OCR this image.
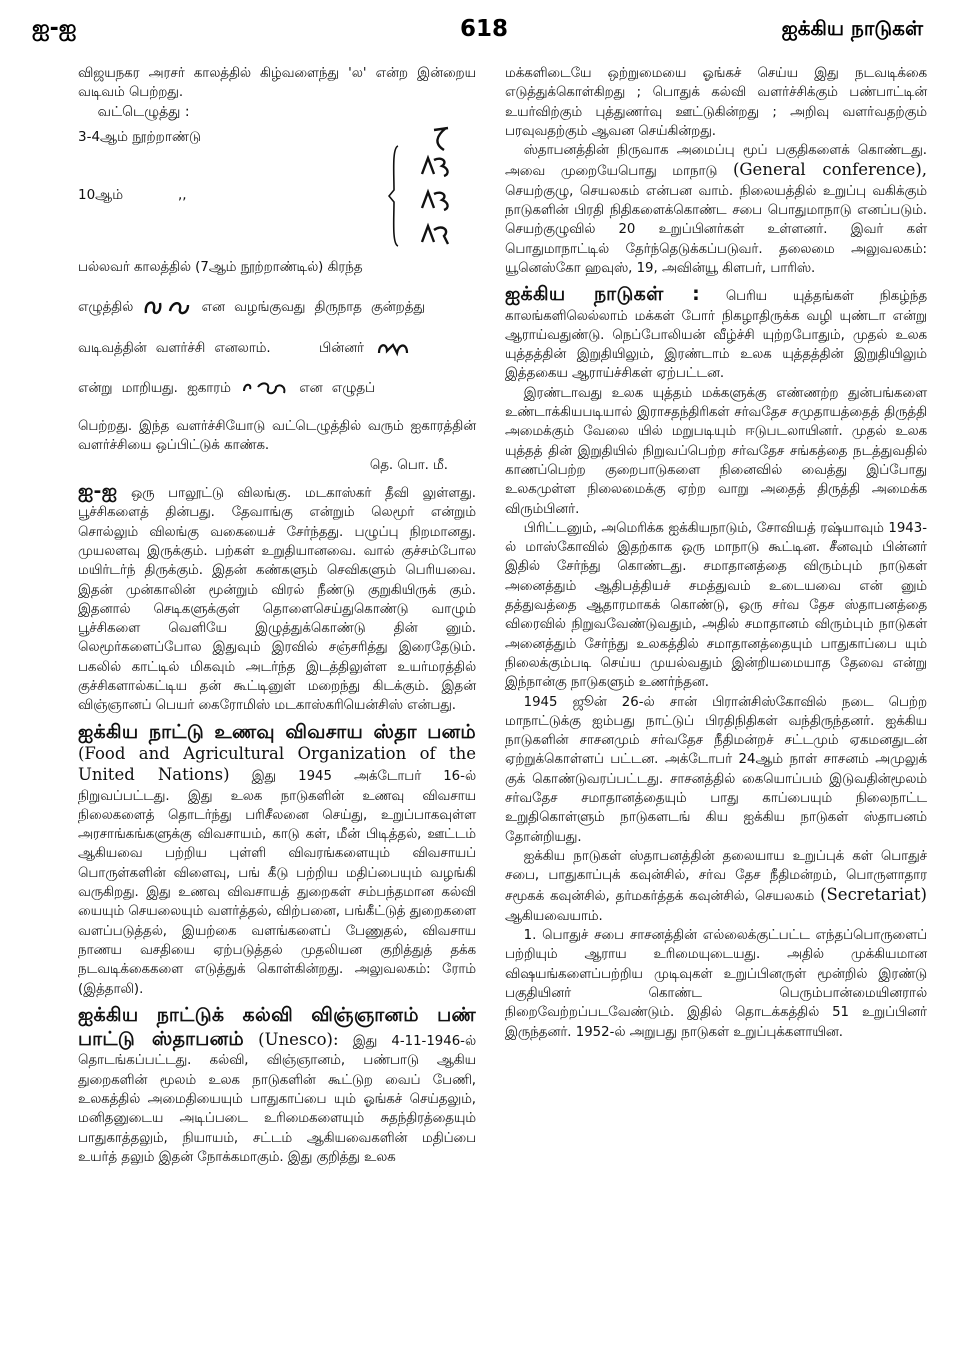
ஐ-ஐ	618	ஐக்கிய நாடுகள்

விஜயநகர அரசர் காலத்தில் கிழ்வளைந்து 'ல' என்ற இன்றைய வடிவம் பெற்றது.

வட்டெழுத்து :

3-4ஆம் நூற்றாண்டு
10ஆம்	,,

பல்லவர் காலத்தில் (7ஆம் நூற்றாண்டில்) கிரந்த

எழுத்தில்	என வழங்குவது திருநாத குன்றத்து

வடிவத்தின் வளர்ச்சி எனலாம்.	பின்னர்

என்று மாறியது. ஐகாரம்	என எழுதப்

பெற்றது. இந்த வளர்ச்சியோடு வட்டெழுத்தில் வரும் ஐகாரத்தின் வளர்ச்சியை ஒப்பிட்டுக் காண்க.

தெ. பொ. மீ.

ஐ-ஐ ஒரு பாலூட்டு விலங்கு. மடகாஸ்கர் தீவி லுள்ளது. பூச்சிகளைத் தின்பது. தேவாங்கு என்றும் லெமூர் என்றும் சொல்லும் விலங்கு வகையைச் சேர்ந்தது. பழுப்பு நிறமானது. முயலளவு இருக்கும். பற்கள் உறுதியானவை. வால் குச்சம்போல மயிர்டர்ந் திருக்கும். இதன் கண்களும் செவிகளும் பெரியவை. இதன் முன்காலின் மூன்றும் விரல் நீண்டு குறுகியிருக் கும். இதனால் செடிகளுக்குள் தொளைசெய்துகொண்டு வாழும் பூச்சிகளை வெளியே இழுத்துக்கொண்டு தின் னும். லெமூர்களைப்போல இதுவும் இரவில் சஞ்சரித்து இரைதேடும். பகலில் காட்டில் மிகவும் அடர்ந்த இடத்திலுள்ள உயர்மரத்தில் குச்சிகளால்கட்டிய தன் கூட்டினுள் மறைந்து கிடக்கும். இதன் விஞ்ஞானப் பெயர் கைரோமிஸ் மடகாஸ்கரியென்சிஸ் என்பது.

ஐக்கிய நாட்டு உணவு விவசாய ஸ்தா பனம் (Food and Agricultural Organization of the United Nations) இது 1945 அக்டோபர் 16-ல் நிறுவப்பட்டது. இது உலக நாடுகளின் உணவு விவசாய நிலைகளைத் தொடர்ந்து பரிசீலனை செய்து, உறுப்பாகவுள்ள அரசாங்கங்களுக்கு விவசாயம், காடு கள், மீன் பிடித்தல், ஊட்டம் ஆகியவை பற்றிய புள்ளி விவரங்களையும் விவசாயப் பொருள்களின் விளைவு, பங் கீடு பற்றிய மதிப்பையும் வழங்கி வருகிறது. இது உணவு விவசாயத் துறைகள் சம்பந்தமான கல்வி யையும் செயலையும் வளர்த்தல், விற்பனை, பங்கீட்டுத் துறைகளை வளப்படுத்தல், இயற்கை வளங்களைப் பேணுதல், விவசாய நாணய வசதியை ஏற்படுத்தல் முதலியன குறித்துத் தக்க நடவடிக்கைகளை எடுத்துக் கொள்கின்றது. அலுவலகம்: ரோம் (இத்தாலி).

ஐக்கிய நாட்டுக் கல்வி விஞ்ஞானம் பண் பாட்டு ஸ்தாபனம் (Unesco): இது 4-11-1946-ல் தொடங்கப்பட்டது. கல்வி, விஞ்ஞானம், பண்பாடு ஆகிய துறைகளின் மூலம் உலக நாடுகளின் கூட்டுற வைப் பேணி, உலகத்தில் அமைதியையும் பாதுகாப்பை யும் ஓங்கச் செய்தலும், மனிதனுடைய அடிப்படை உரிமைகளையும் சுதந்திரத்தையும் பாதுகாத்தலும், நியாயம், சட்டம் ஆகியவைகளின் மதிப்பை உயர்த் தலும் இதன் நோக்கமாகும். இது குறித்து உலக

மக்களிடையே ஒற்றுமையை ஓங்கச் செய்ய இது நடவடிக்கை எடுத்துக்கொள்கிறது ; பொதுக் கல்வி வளர்ச்சிக்கும் பண்பாட்டின் உயர்விற்கும் புத்துணர்வு ஊட்டுகின்றது ; அறிவு வளர்வதற்கும் பரவுவதற்கும் ஆவன செய்கின்றது.

ஸ்தாபனத்தின் நிருவாக அமைப்பு மூப் பகுதிகளைக் கொண்டது. அவை முறையேபொது மாநாடு (General conference), செயற்குழு, செயலகம் என்பன வாம். நிலையத்தில் உறுப்பு வகிக்கும் நாடுகளின் பிரதி நிதிகளைக்கொண்ட சபை பொதுமாநாடு எனப்படும். செயற்குழுவில் 20 உறுப்பினர்கள் உள்ளனர். இவர் கள் பொதுமாநாட்டில் தேர்ந்தெடுக்கப்படுவர். தலைமை அலுவலகம்: யூனெஸ்கோ ஹவுஸ், 19, அவின்யூ கிளபர், பாரிஸ்.

ஐக்கிய நாடுகள் : பெரிய யுத்தங்கள் நிகழ்ந்த காலங்களிலெல்லாம் மக்கள் போர் நிகழாதிருக்க வழி யுண்டா என்று ஆராய்வதுண்டு. நெப்போலியன் வீழ்ச்சி யுற்றபோதும், முதல் உலக யுத்தத்தின் இறுதியிலும், இரண்டாம் உலக யுத்தத்தின் இறுதியிலும் இத்தகைய ஆராய்ச்சிகள் ஏற்பட்டன.

இரண்டாவது உலக யுத்தம் மக்களுக்கு எண்ணற்ற துன்பங்களை உண்டாக்கியபடியால் இராசதந்திரிகள் சர்வதேச சமுதாயத்தைத் திருத்தி அமைக்கும் வேலை யில் மறுபடியும் ஈடுபடலாயினர். முதல் உலக யுத்தத் தின் இறுதியில் நிறுவப்பெற்ற சர்வதேச சங்கத்தை நடத்துவதில் காணப்பெற்ற குறைபாடுகளை நினைவில் வைத்து இப்போது உலகமுள்ள நிலைமைக்கு ஏற்ற வாறு அதைத் திருத்தி அமைக்க விரும்பினர்.

பிரிட்டனும், அமெரிக்க ஐக்கியநாடும், சோவியத் ரஷ்யாவும் 1943-ல் மாஸ்கோவில் இதற்காக ஒரு மாநாடு கூட்டின. சீனவும் பின்னர் இதில் சேர்ந்து கொண்டது. சமாதானத்தை விரும்பும் நாடுகள் அனைத்தும் ஆதிபத்தியச் சமத்துவம் உடையவை என் னும் தத்துவத்தை ஆதாரமாகக் கொண்டு, ஒரு சர்வ தேச ஸ்தாபனத்தை விரைவில் நிறுவவேண்டுவதும், அதில் சமாதானம் விரும்பும் நாடுகள் அனைத்தும் சேர்ந்து உலகத்தில் சமாதானத்தையும் பாதுகாப்பை யும் நிலைக்கும்படி செய்ய முயல்வதும் இன்றியமையாத தேவை என்று இந்நான்கு நாடுகளும் உணர்ந்தன.

1945 ஜூன் 26-ல் சான் பிரான்சிஸ்கோவில் நடை பெற்ற மாநாட்டுக்கு ஐம்பது நாட்டுப் பிரதிநிதிகள் வந்திருந்தனர். ஐக்கிய நாடுகளின் சாசனமும் சர்வதேச நீதிமன்றச் சட்டமும் ஏகமனதுடன் ஏற்றுக்கொள்ளப் பட்டன. அக்டோபர் 24ஆம் நாள் சாசனம் அமுலுக் குக் கொண்டுவரப்பட்டது. சாசனத்தில் கையொப்பம் இடுவதின்மூலம் சர்வதேச சமாதானத்தையும் பாது காப்பையும் நிலைநாட்ட உறுதிகொள்ளும் நாடுகளடங் கிய ஐக்கிய நாடுகள் ஸ்தாபனம் தோன்றியது.

ஐக்கிய நாடுகள் ஸ்தாபனத்தின் தலையாய உறுப்புக் கள் பொதுச் சபை, பாதுகாப்புக் கவுன்சில், சர்வ தேச நீதிமன்றம், பொருளாதார சமூகக் கவுன்சில், தர்மகர்த்தக் கவுன்சில், செயலகம் (Secretariat) ஆகியவையாம்.

1. பொதுச் சபை சாசனத்தின் எல்லைக்குட்பட்ட எந்தப்பொருளைப் பற்றியும் ஆராய உரிமையுடையது. அதில் முக்கியமான விஷயங்களைப்பற்றிய முடிவுகள் உறுப்பினருள் மூன்றில் இரண்டு பகுதியினர் கொண்ட பெரும்பான்மையினரால் நிறைவேற்றப்படவேண்டும். இதில் தொடக்கத்தில் 51 உறுப்பினர் இருந்தனர். 1952-ல் அறுபது நாடுகள் உறுப்புக்களாயின.
